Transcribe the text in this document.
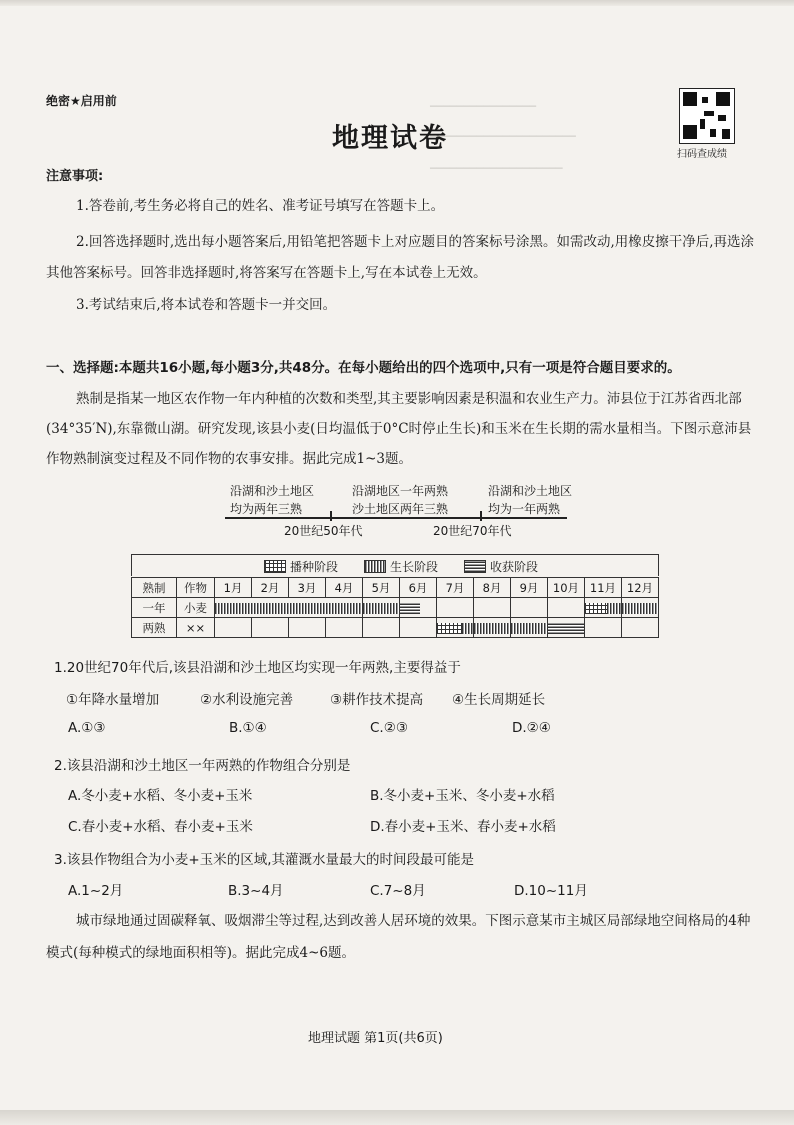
绝密★启用前
地理试卷
扫码查成绩
────────────────
──────────────────────
────────────────────
注意事项:
1.答卷前,考生务必将自己的姓名、准考证号填写在答题卡上。
2.回答选择题时,选出每小题答案后,用铅笔把答题卡上对应题目的答案标号涂黑。如需改动,用橡皮擦干净后,再选涂其他答案标号。回答非选择题时,将答案写在答题卡上,写在本试卷上无效。
3.考试结束后,将本试卷和答题卡一并交回。
一、选择题:本题共16小题,每小题3分,共48分。在每小题给出的四个选项中,只有一项是符合题目要求的。
熟制是指某一地区农作物一年内种植的次数和类型,其主要影响因素是积温和农业生产力。沛县位于江苏省西北部(34°35′N),东靠微山湖。研究发现,该县小麦(日均温低于0°C时停止生长)和玉米在生长期的需水量相当。下图示意沛县作物熟制演变过程及不同作物的农事安排。据此完成1~3题。
沿湖和沙土地区
均为两年三熟
沿湖地区一年两熟
沙土地区两年三熟
沿湖和沙土地区
均为一年两熟
20世纪50年代	20世纪70年代
播种阶段	生长阶段	收获阶段
熟制	作物	1月	2月	3月	4月	5月	6月	7月	8月	9月	10月	11月	12月
一年	小麦												
两熟	××												
1.20世纪70年代后,该县沿湖和沙土地区均实现一年两熟,主要得益于
①年降水量增加	②水利设施完善	③耕作技术提高 ④生长周期延长
A.①③	B.①④	C.②③	D.②④
2.该县沿湖和沙土地区一年两熟的作物组合分别是
A.冬小麦+水稻、冬小麦+玉米	B.冬小麦+玉米、冬小麦+水稻
C.春小麦+水稻、春小麦+玉米	D.春小麦+玉米、春小麦+水稻
3.该县作物组合为小麦+玉米的区域,其灌溉水量最大的时间段最可能是
A.1~2月	B.3~4月	C.7~8月	D.10~11月
城市绿地通过固碳释氧、吸烟滞尘等过程,达到改善人居环境的效果。下图示意某市主城区局部绿地空间格局的4种模式(每种模式的绿地面积相等)。据此完成4~6题。
地理试题 第1页(共6页)
